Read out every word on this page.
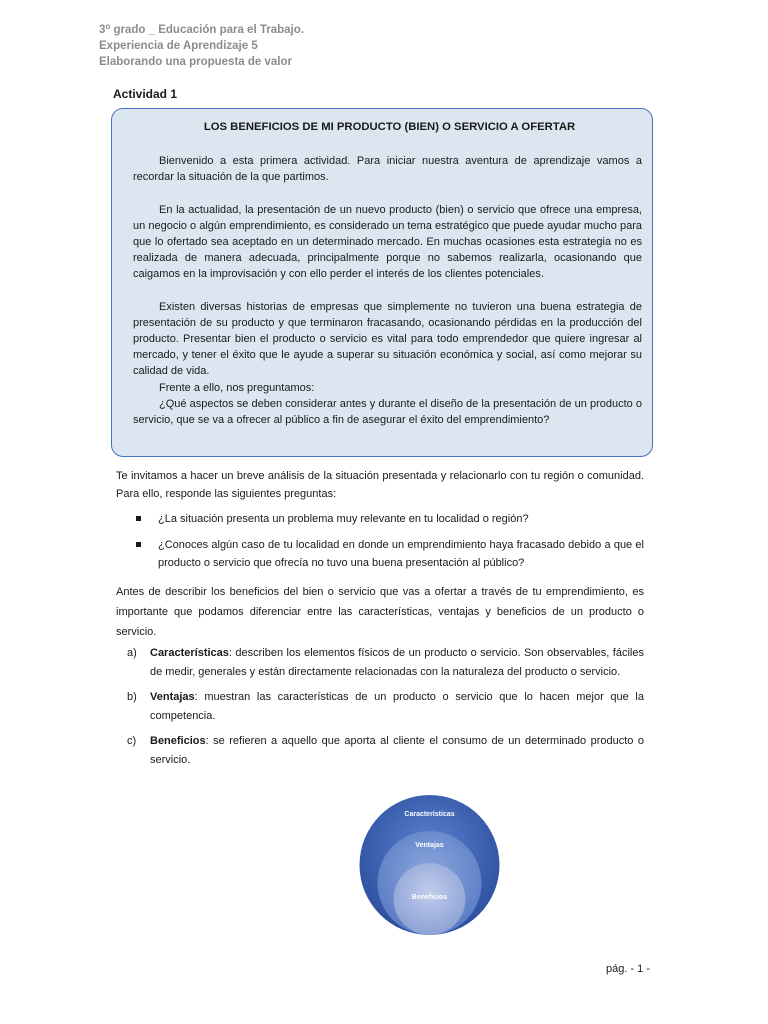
3$^o$ grado _ Educación para el Trabajo.
Experiencia de Aprendizaje 5
Elaborando una propuesta de valor
Actividad 1
LOS BENEFICIOS DE MI PRODUCTO (BIEN) O SERVICIO A OFERTAR

Bienvenido a esta primera actividad. Para iniciar nuestra aventura de aprendizaje vamos a recordar la situación de la que partimos.

En la actualidad, la presentación de un nuevo producto (bien) o servicio que ofrece una empresa, un negocio o algún emprendimiento, es considerado un tema estratégico que puede ayudar mucho para que lo ofertado sea aceptado en un determinado mercado. En muchas ocasiones esta estrategia no es realizada de manera adecuada, principalmente porque no sabemos realizarla, ocasionando que caigamos en la improvisación y con ello perder el interés de los clientes potenciales.

Existen diversas historias de empresas que simplemente no tuvieron una buena estrategia de presentación de su producto y que terminaron fracasando, ocasionando pérdidas en la producción del producto. Presentar bien el producto o servicio es vital para todo emprendedor que quiere ingresar al mercado, y tener el éxito que le ayude a superar su situación económica y social, así como mejorar su calidad de vida.

Frente a ello, nos preguntamos:

¿Qué aspectos se deben considerar antes y durante el diseño de la presentación de un producto o servicio, que se va a ofrecer al público a fin de asegurar el éxito del emprendimiento?

Te invitamos a hacer un breve análisis de la situación presentada y relacionarlo con tu región o comunidad. Para ello, responde las siguientes preguntas:
¿La situación presenta un problema muy relevante en tu localidad o región?
¿Conoces algún caso de tu localidad en donde un emprendimiento haya fracasado debido a que el producto o servicio que ofrecía no tuvo una buena presentación al público?
Antes de describir los beneficios del bien o servicio que vas a ofertar a través de tu emprendimiento, es importante que podamos diferenciar entre las características, ventajas y beneficios de un producto o servicio.
a) Características: describen los elementos físicos de un producto o servicio. Son observables, fáciles de medir, generales y están directamente relacionadas con la naturaleza del producto o servicio.
b) Ventajas: muestran las características de un producto o servicio que lo hacen mejor que la competencia.
c) Beneficios: se refieren a aquello que aporta al cliente el consumo de un determinado producto o servicio.
Características
Ventajas
Beneficios
pág. - 1 -
